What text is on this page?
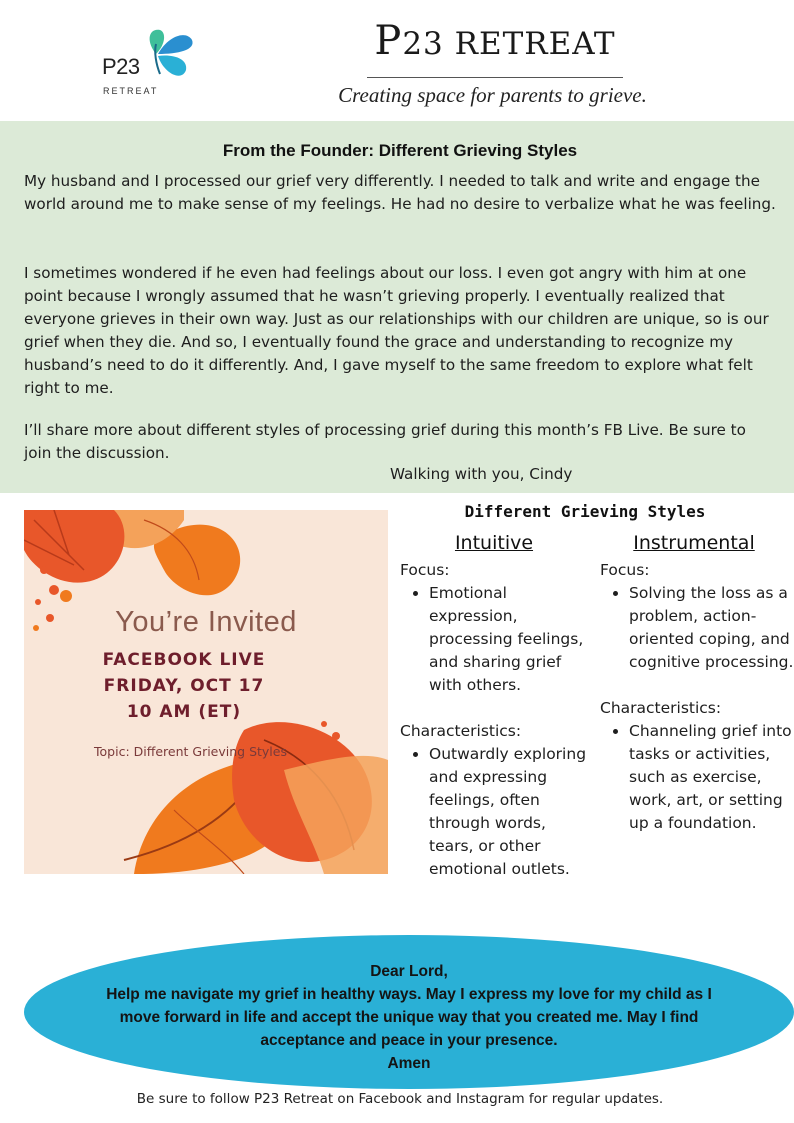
P23
RETREAT
P23 RETREAT
Creating space for parents to grieve.
From the Founder: Different Grieving Styles

My husband and I processed our grief very differently. I needed to talk and write and engage the world around me to make sense of my feelings. He had no desire to verbalize what he was feeling.

I sometimes wondered if he even had feelings about our loss. I even got angry with him at one point because I wrongly assumed that he wasn’t grieving properly. I eventually realized that everyone grieves in their own way. Just as our relationships with our children are unique, so is our grief when they die. And so, I eventually found the grace and understanding to recognize my husband’s need to do it differently. And, I gave myself to the same freedom to explore what felt right to me.

I’ll share more about different styles of processing grief during this month’s FB Live. Be sure to join the discussion.

Walking with you, Cindy

You’re Invited
FACEBOOK LIVE
FRIDAY, OCT 17
10 AM (ET)
Topic: Different Grieving Styles
Different Grieving Styles
Intuitive

Focus:

• Emotional expression, processing feelings, and sharing grief with others.

Characteristics:

• Outwardly exploring and expressing feelings, often through words, tears, or other emotional outlets.
Instrumental

Focus:

• Solving the loss as a problem, action-oriented coping, and cognitive processing.

Characteristics:

• Channeling grief into tasks or activities, such as exercise, work, art, or setting up a foundation.
Dear Lord,
Help me navigate my grief in healthy ways. May I express my love for my child as I move forward in life and accept the unique way that you created me. May I find acceptance and peace in your presence.
Amen
Be sure to follow P23 Retreat on Facebook and Instagram for regular updates.
